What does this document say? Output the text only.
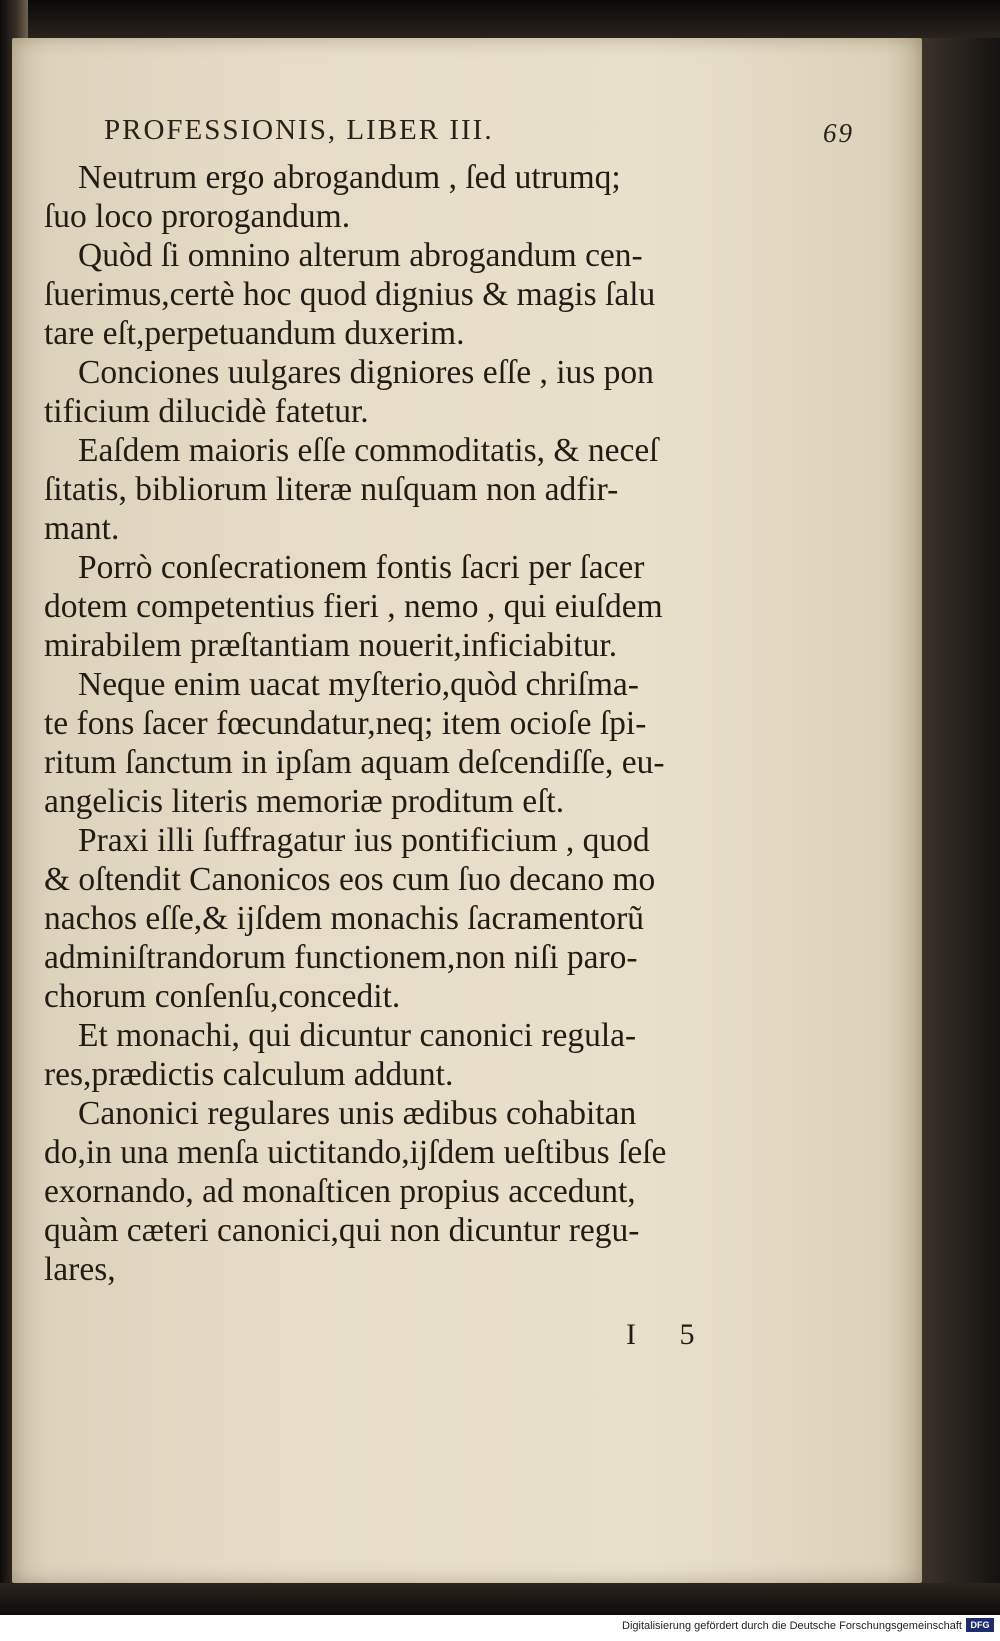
PROFESSIONIS, LIBER III.	69
Neutrum ergo abrogandum , ſed utrumq;
ſuo loco prorogandum.
Quòd ſi omnino alterum abrogandum cen-
ſuerimus,certè hoc quod dignius & magis ſalu
tare eſt,perpetuandum duxerim.
Conciones uulgares digniores eſſe , ius pon
tificium dilucidè fatetur.
Eaſdem maioris eſſe commoditatis, & neceſ
ſitatis, bibliorum literæ nuſquam non adfir-
mant.
Porrò conſecrationem fontis ſacri per ſacer
dotem competentius fieri , nemo , qui eiuſdem
mirabilem præſtantiam nouerit,inficiabitur.
Neque enim uacat myſterio,quòd chriſma-
te fons ſacer fœcundatur,neq; item ocioſe ſpi-
ritum ſanctum in ipſam aquam deſcendiſſe, eu-
angelicis literis memoriæ proditum eſt.
Praxi illi ſuffragatur ius pontificium , quod
& oſtendit Canonicos eos cum ſuo decano mo
nachos eſſe,& ijſdem monachis ſacramentorũ
adminiſtrandorum functionem,non niſi paro-
chorum conſenſu,concedit.
Et monachi, qui dicuntur canonici regula-
res,prædictis calculum addunt.
Canonici regulares unis ædibus cohabitan
do,in una menſa uictitando,ijſdem ueſtibus ſeſe
exornando, ad monaſticen propius accedunt,
quàm cæteri canonici,qui non dicuntur regu-
lares,
I 5
Digitalisierung gefördert durch die Deutsche Forschungsgemeinschaft DFG
